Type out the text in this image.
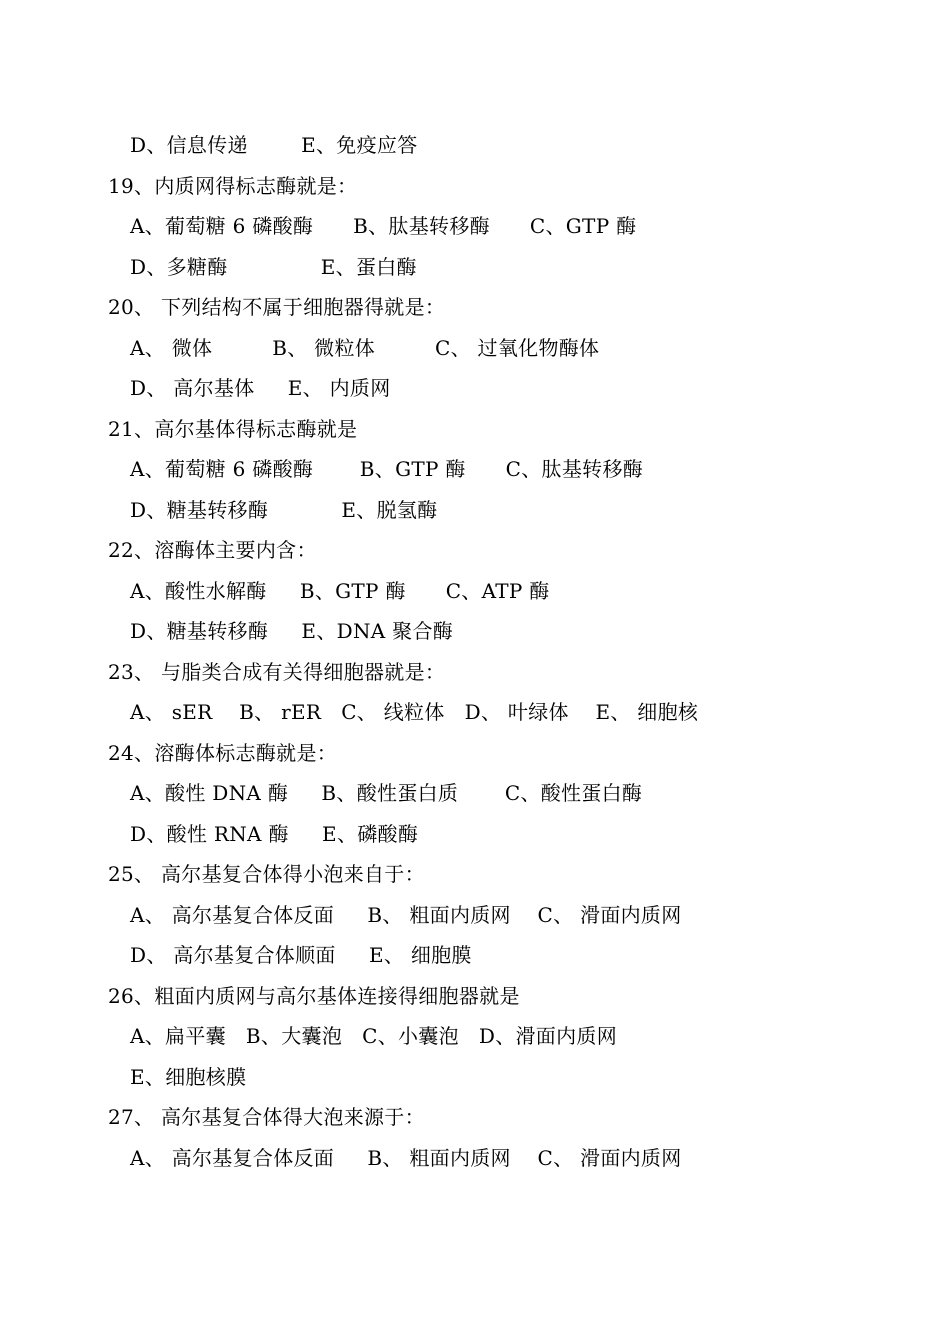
D、信息传递        E、免疫应答
19、内质网得标志酶就是：
A、葡萄糖 6 磷酸酶      B、肽基转移酶      C、GTP 酶
D、多糖酶              E、蛋白酶
20、 下列结构不属于细胞器得就是：
A、 微体         B、 微粒体         C、 过氧化物酶体
D、 高尔基体     E、 内质网
21、高尔基体得标志酶就是
A、葡萄糖 6 磷酸酶       B、GTP 酶      C、肽基转移酶
D、糖基转移酶           E、脱氢酶
22、溶酶体主要内含：
A、酸性水解酶     B、GTP 酶      C、ATP 酶
D、糖基转移酶     E、DNA 聚合酶
23、 与脂类合成有关得细胞器就是：
A、 sER    B、 rER   C、 线粒体   D、 叶绿体    E、 细胞核
24、溶酶体标志酶就是：
A、酸性 DNA 酶     B、酸性蛋白质       C、酸性蛋白酶
D、酸性 RNA 酶     E、磷酸酶
25、 高尔基复合体得小泡来自于：
A、 高尔基复合体反面     B、 粗面内质网    C、 滑面内质网
D、 高尔基复合体顺面     E、 细胞膜
26、粗面内质网与高尔基体连接得细胞器就是
A、扁平囊   B、大囊泡   C、小囊泡   D、滑面内质网
E、细胞核膜
27、 高尔基复合体得大泡来源于：
A、 高尔基复合体反面     B、 粗面内质网    C、 滑面内质网
